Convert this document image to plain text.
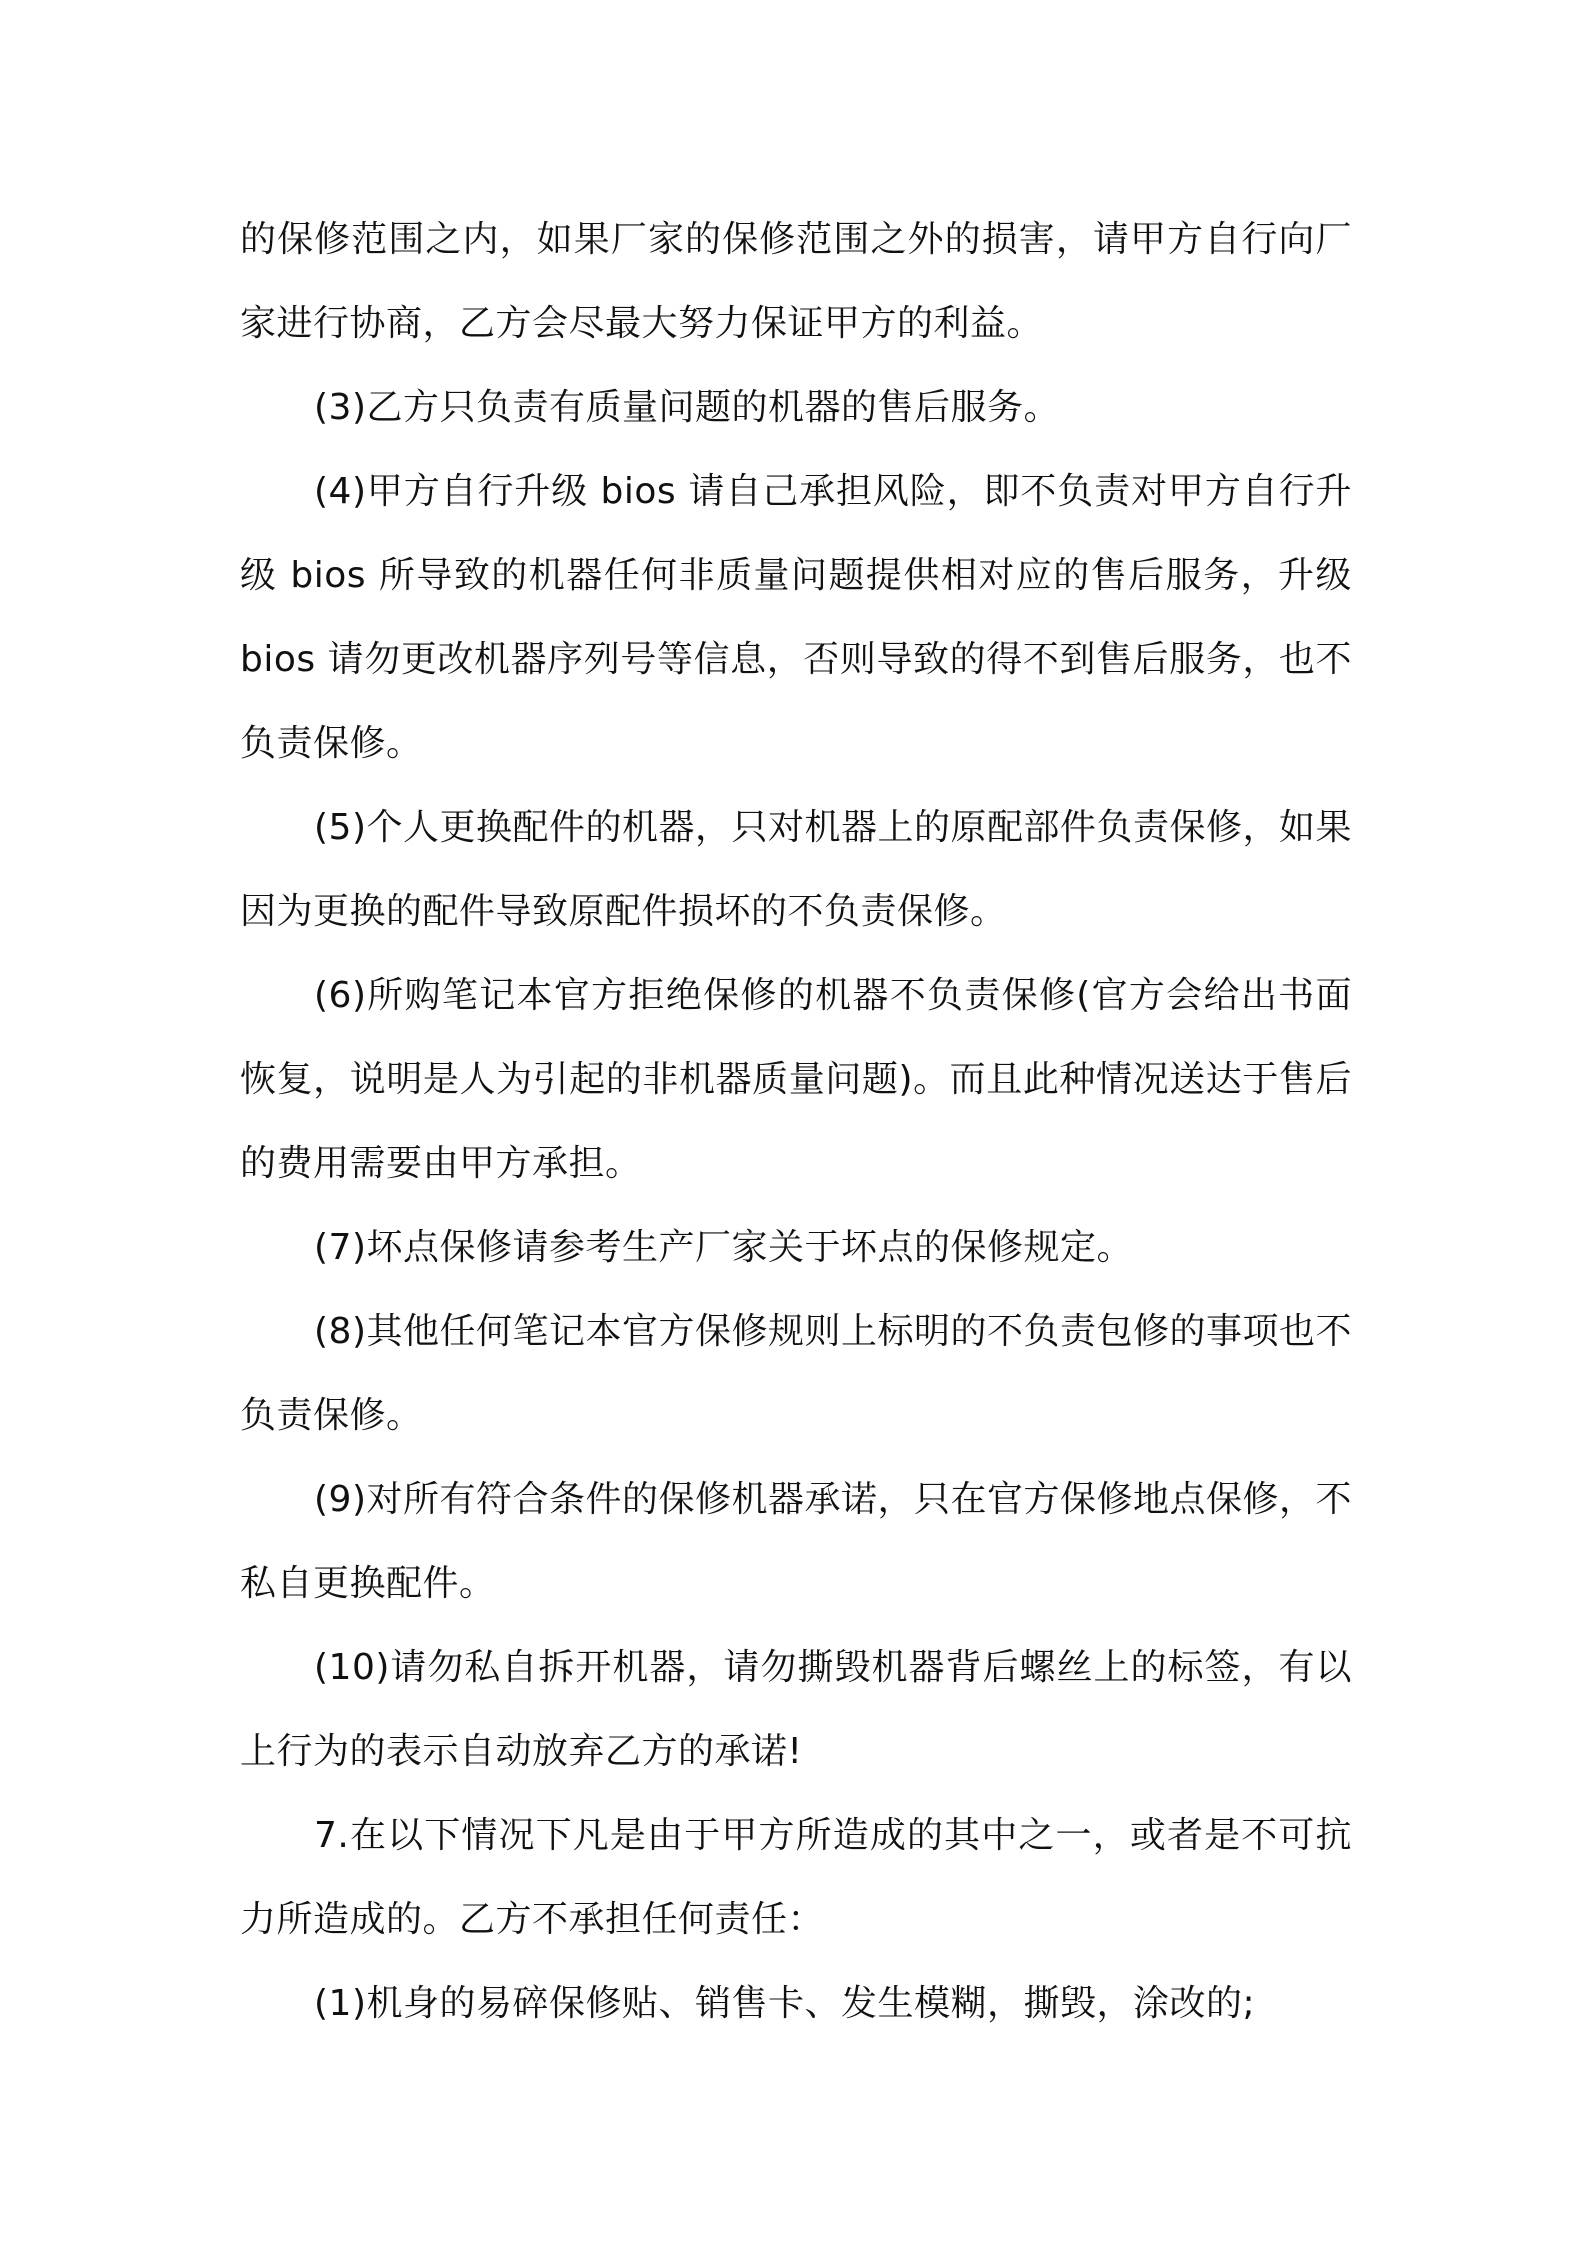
的保修范围之内，如果厂家的保修范围之外的损害，请甲方自行向厂家进行协商，乙方会尽最大努力保证甲方的利益。

(3)乙方只负责有质量问题的机器的售后服务。

(4)甲方自行升级 bios 请自己承担风险，即不负责对甲方自行升级 bios 所导致的机器任何非质量问题提供相对应的售后服务，升级 bios 请勿更改机器序列号等信息，否则导致的得不到售后服务，也不负责保修。

(5)个人更换配件的机器，只对机器上的原配部件负责保修，如果因为更换的配件导致原配件损坏的不负责保修。

(6)所购笔记本官方拒绝保修的机器不负责保修(官方会给出书面恢复，说明是人为引起的非机器质量问题)。而且此种情况送达于售后的费用需要由甲方承担。

(7)坏点保修请参考生产厂家关于坏点的保修规定。

(8)其他任何笔记本官方保修规则上标明的不负责包修的事项也不负责保修。

(9)对所有符合条件的保修机器承诺，只在官方保修地点保修，不私自更换配件。

(10)请勿私自拆开机器，请勿撕毁机器背后螺丝上的标签，有以上行为的表示自动放弃乙方的承诺!

7.在以下情况下凡是由于甲方所造成的其中之一，或者是不可抗力所造成的。乙方不承担任何责任：

(1)机身的易碎保修贴、销售卡、发生模糊，撕毁，涂改的;
